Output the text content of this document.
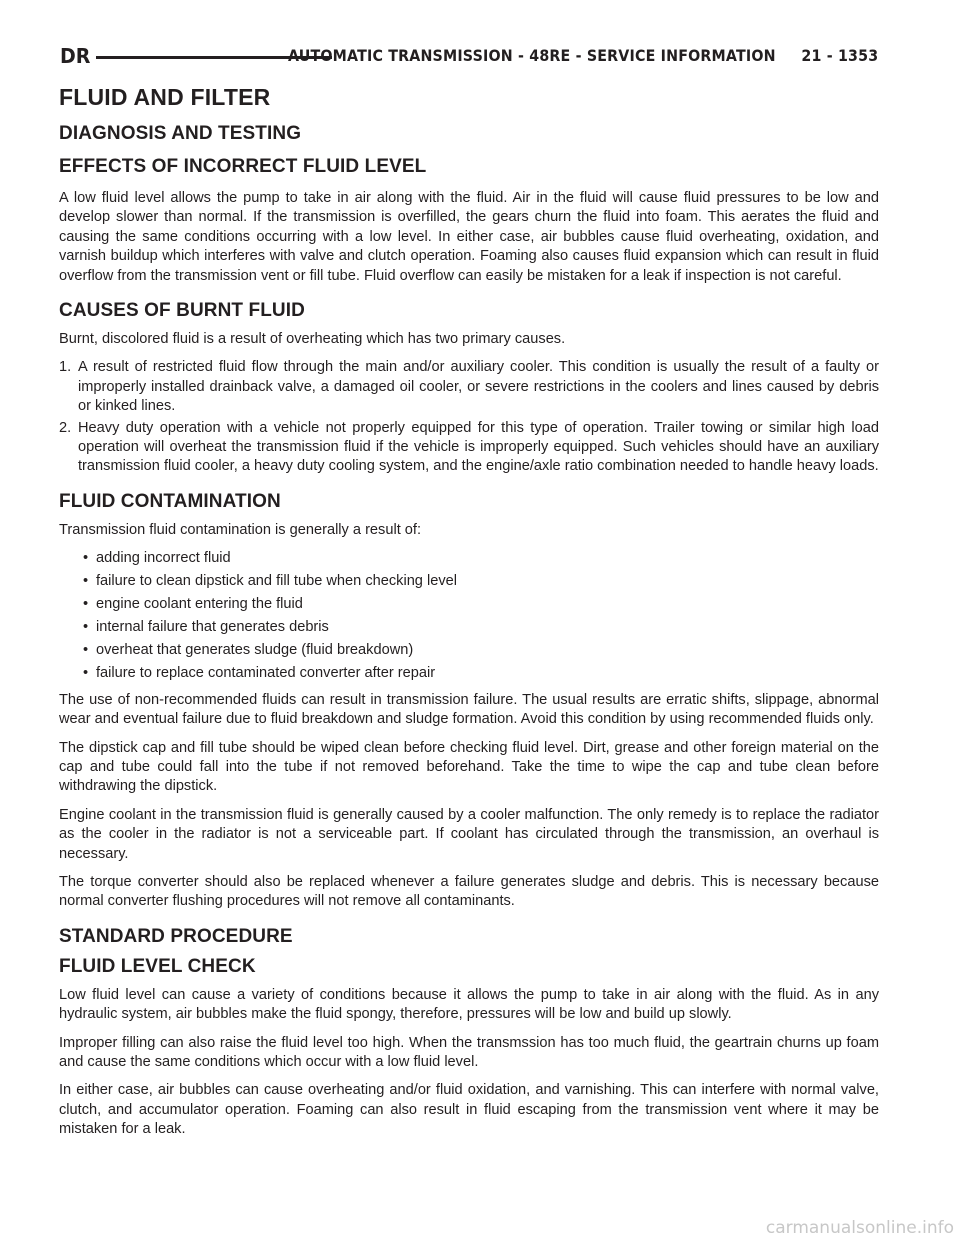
DR	AUTOMATIC TRANSMISSION - 48RE - SERVICE INFORMATION     21 - 1353
FLUID AND FILTER
DIAGNOSIS AND TESTING
EFFECTS OF INCORRECT FLUID LEVEL

A low fluid level allows the pump to take in air along with the fluid. Air in the fluid will cause fluid pressures to be low and develop slower than normal. If the transmission is overfilled, the gears churn the fluid into foam. This aerates the fluid and causing the same conditions occurring with a low level. In either case, air bubbles cause fluid overheating, oxidation, and varnish buildup which interferes with valve and clutch operation. Foaming also causes fluid expansion which can result in fluid overflow from the transmission vent or fill tube. Fluid overflow can easily be mistaken for a leak if inspection is not careful.

CAUSES OF BURNT FLUID

Burnt, discolored fluid is a result of overheating which has two primary causes.

1. A result of restricted fluid flow through the main and/or auxiliary cooler. This condition is usually the result of a faulty or improperly installed drainback valve, a damaged oil cooler, or severe restrictions in the coolers and lines caused by debris or kinked lines.
2. Heavy duty operation with a vehicle not properly equipped for this type of operation. Trailer towing or similar high load operation will overheat the transmission fluid if the vehicle is improperly equipped. Such vehicles should have an auxiliary transmission fluid cooler, a heavy duty cooling system, and the engine/axle ratio combination needed to handle heavy loads.
FLUID CONTAMINATION

Transmission fluid contamination is generally a result of:

• adding incorrect fluid
• failure to clean dipstick and fill tube when checking level
• engine coolant entering the fluid
• internal failure that generates debris
• overheat that generates sludge (fluid breakdown)
• failure to replace contaminated converter after repair

The use of non-recommended fluids can result in transmission failure. The usual results are erratic shifts, slippage, abnormal wear and eventual failure due to fluid breakdown and sludge formation. Avoid this condition by using recommended fluids only.

The dipstick cap and fill tube should be wiped clean before checking fluid level. Dirt, grease and other foreign material on the cap and tube could fall into the tube if not removed beforehand. Take the time to wipe the cap and tube clean before withdrawing the dipstick.

Engine coolant in the transmission fluid is generally caused by a cooler malfunction. The only remedy is to replace the radiator as the cooler in the radiator is not a serviceable part. If coolant has circulated through the transmission, an overhaul is necessary.

The torque converter should also be replaced whenever a failure generates sludge and debris. This is necessary because normal converter flushing procedures will not remove all contaminants.

STANDARD PROCEDURE
FLUID LEVEL CHECK

Low fluid level can cause a variety of conditions because it allows the pump to take in air along with the fluid. As in any hydraulic system, air bubbles make the fluid spongy, therefore, pressures will be low and build up slowly.

Improper filling can also raise the fluid level too high. When the transmssion has too much fluid, the geartrain churns up foam and cause the same conditions which occur with a low fluid level.

In either case, air bubbles can cause overheating and/or fluid oxidation, and varnishing. This can interfere with normal valve, clutch, and accumulator operation. Foaming can also result in fluid escaping from the transmission vent where it may be mistaken for a leak.

carmanualsonline.info
